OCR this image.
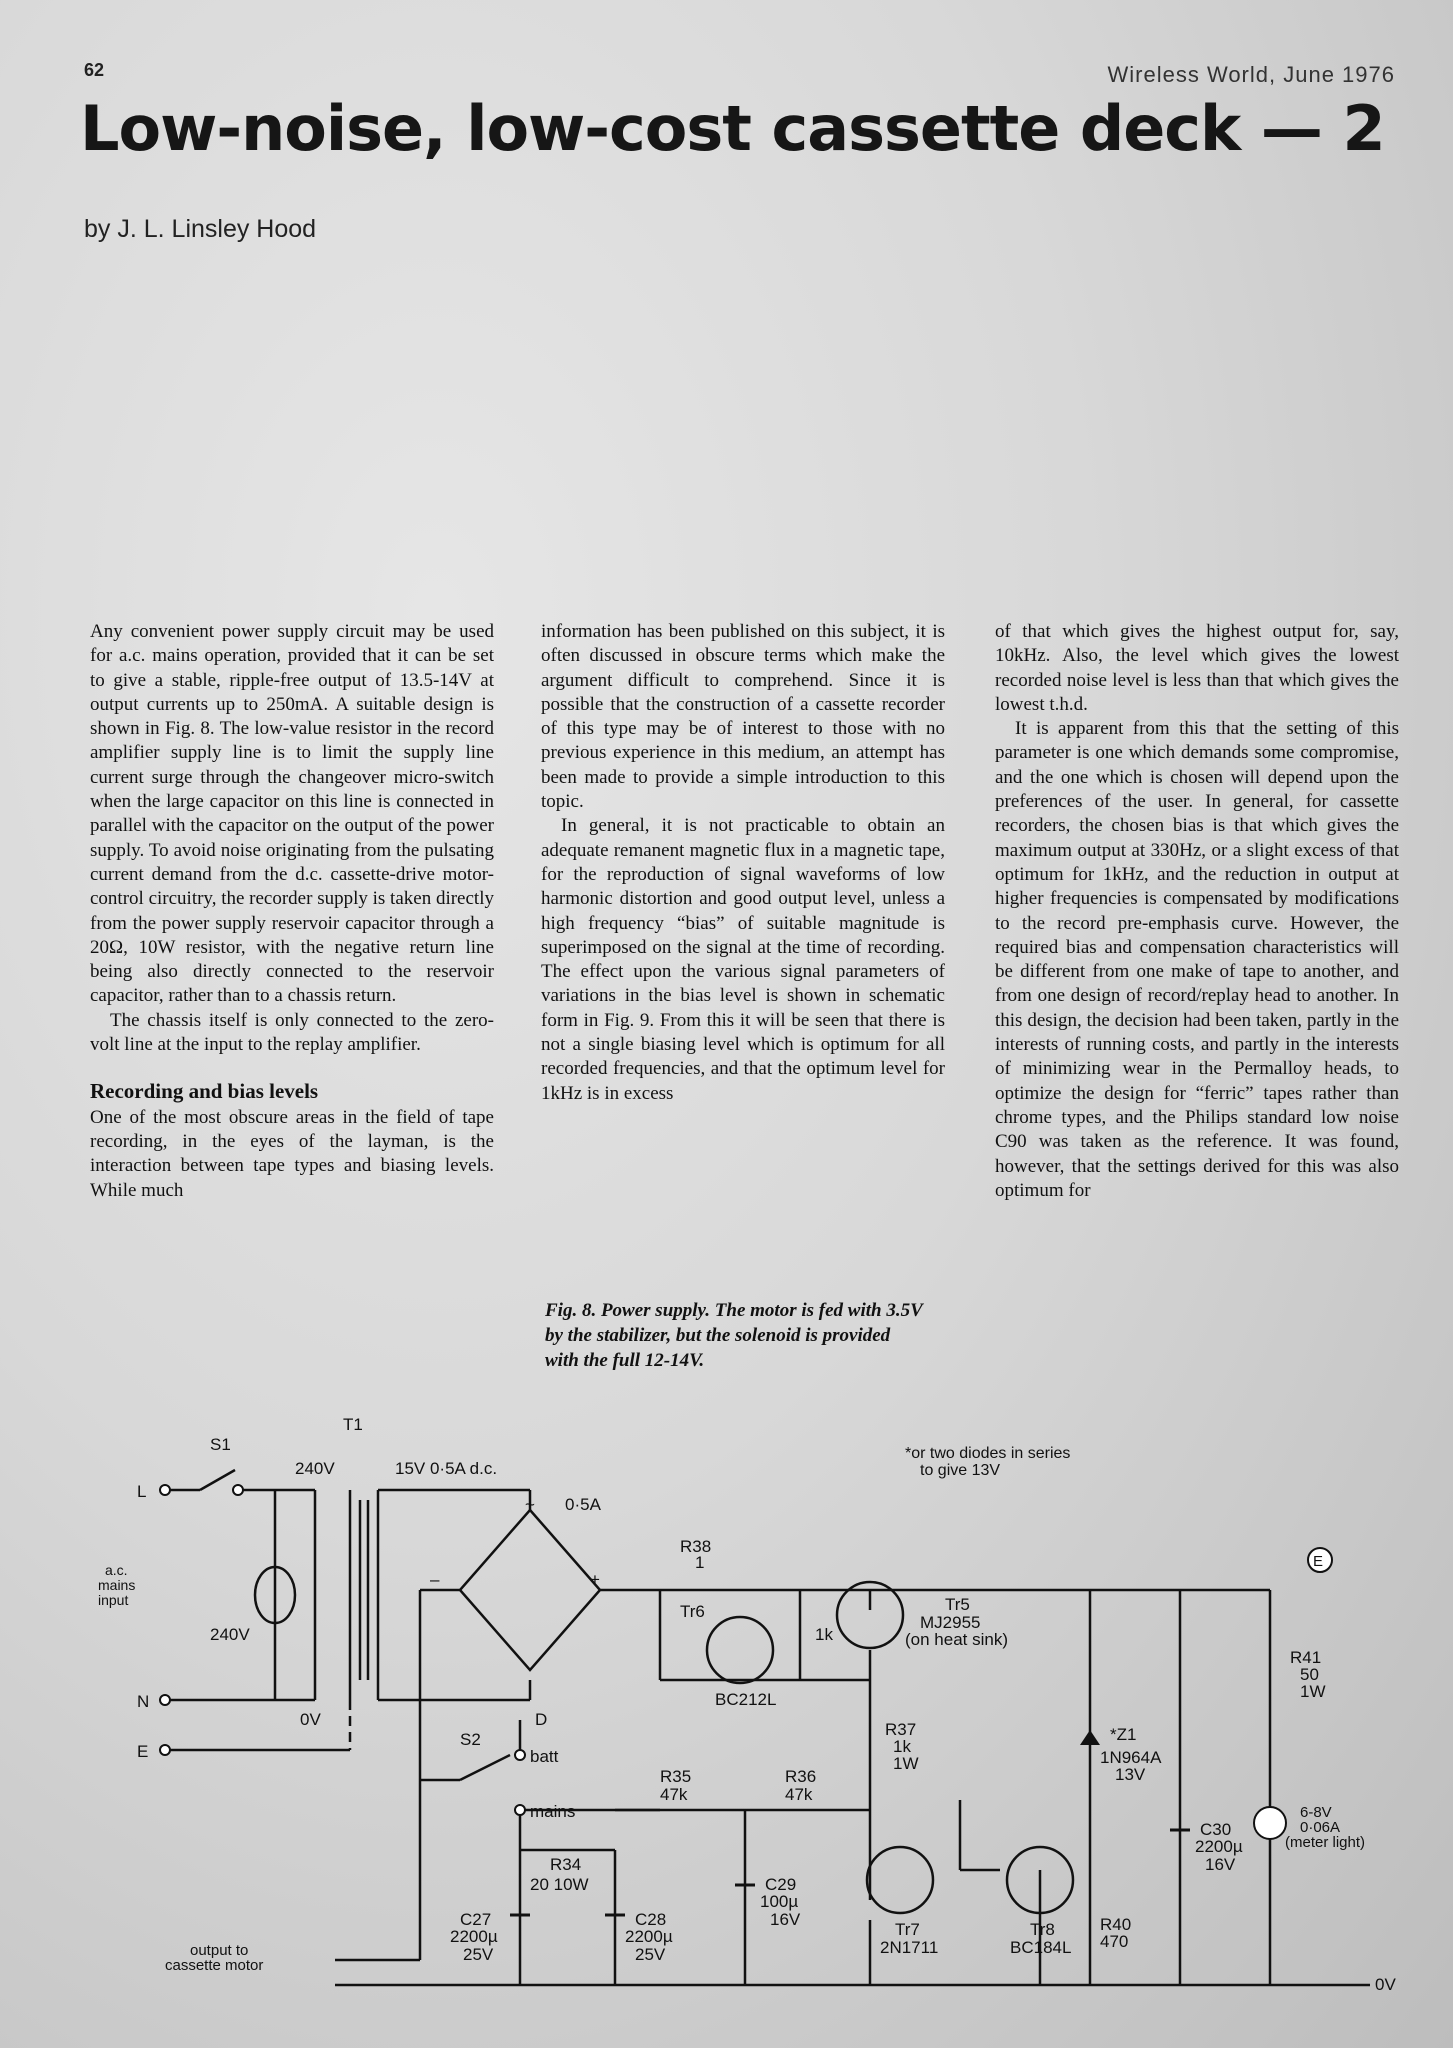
62	Wireless World, June 1976
Low-noise, low-cost cassette deck — 2
by J. L. Linsley Hood

Any convenient power supply circuit may be used for a.c. mains operation, provided that it can be set to give a stable, ripple-free output of 13.5-14V at output currents up to 250mA. A suitable design is shown in Fig. 8. The low-value resistor in the record amplifier supply line is to limit the supply line current surge through the changeover micro-switch when the large capacitor on this line is connected in parallel with the capacitor on the output of the power supply. To avoid noise originating from the pulsating current demand from the d.c. cassette-drive motor-control circuitry, the recorder supply is taken directly from the power supply reservoir capacitor through a 20Ω, 10W resistor, with the negative return line being also directly connected to the reservoir capacitor, rather than to a chassis return.

The chassis itself is only connected to the zero-volt line at the input to the replay amplifier.

Recording and bias levels

One of the most obscure areas in the field of tape recording, in the eyes of the layman, is the interaction between tape types and biasing levels. While much

information has been published on this subject, it is often discussed in obscure terms which make the argument difficult to comprehend. Since it is possible that the construction of a cassette recorder of this type may be of interest to those with no previous experience in this medium, an attempt has been made to provide a simple introduction to this topic.

In general, it is not practicable to obtain an adequate remanent magnetic flux in a magnetic tape, for the reproduction of signal waveforms of low harmonic distortion and good output level, unless a high frequency “bias” of suitable magnitude is superimposed on the signal at the time of recording. The effect upon the various signal parameters of variations in the bias level is shown in schematic form in Fig. 9. From this it will be seen that there is not a single biasing level which is optimum for all recorded frequencies, and that the optimum level for 1kHz is in excess

of that which gives the highest output for, say, 10kHz. Also, the level which gives the lowest recorded noise level is less than that which gives the lowest t.h.d.

It is apparent from this that the setting of this parameter is one which demands some compromise, and the one which is chosen will depend upon the preferences of the user. In general, for cassette recorders, the chosen bias is that which gives the maximum output at 330Hz, or a slight excess of that optimum for 1kHz, and the reduction in output at higher frequencies is compensated by modifications to the record pre-emphasis curve. However, the required bias and compensation characteristics will be different from one make of tape to another, and from one design of record/replay head to another. In this design, the decision had been taken, partly in the interests of running costs, and partly in the interests of minimizing wear in the Permalloy heads, to optimize the design for “ferric” tapes rather than chrome types, and the Philips standard low noise C90 was taken as the reference. It was found, however, that the settings derived for this was also optimum for

Fig. 8. Power supply. The motor is fed with 3.5V by the stabilizer, but the solenoid is provided with the full 12-14V.
S1
T1
L
N
E
a.c.
mains
input
240V
240V
0V
15V 0·5A d.c.
~ 0·5A
–	+
*or two diodes in series
to give 13V
R38
1
Tr6
BC212L
1k
Tr5
MJ2955
(on heat sink)
S2
D
batt
mains
R35
47k
R36
47k
R37
1k
1W
R34
20 10W
C27
2200µ
25V
C28
2200µ
25V
C29
100µ
16V
Tr7
2N1711
Tr8
BC184L
R40
470
*Z1
1N964A
13V
C30
2200µ
16V
R41
50
1W
6-8V
0·06A
(meter light)
E
0V
output to
cassette motor
